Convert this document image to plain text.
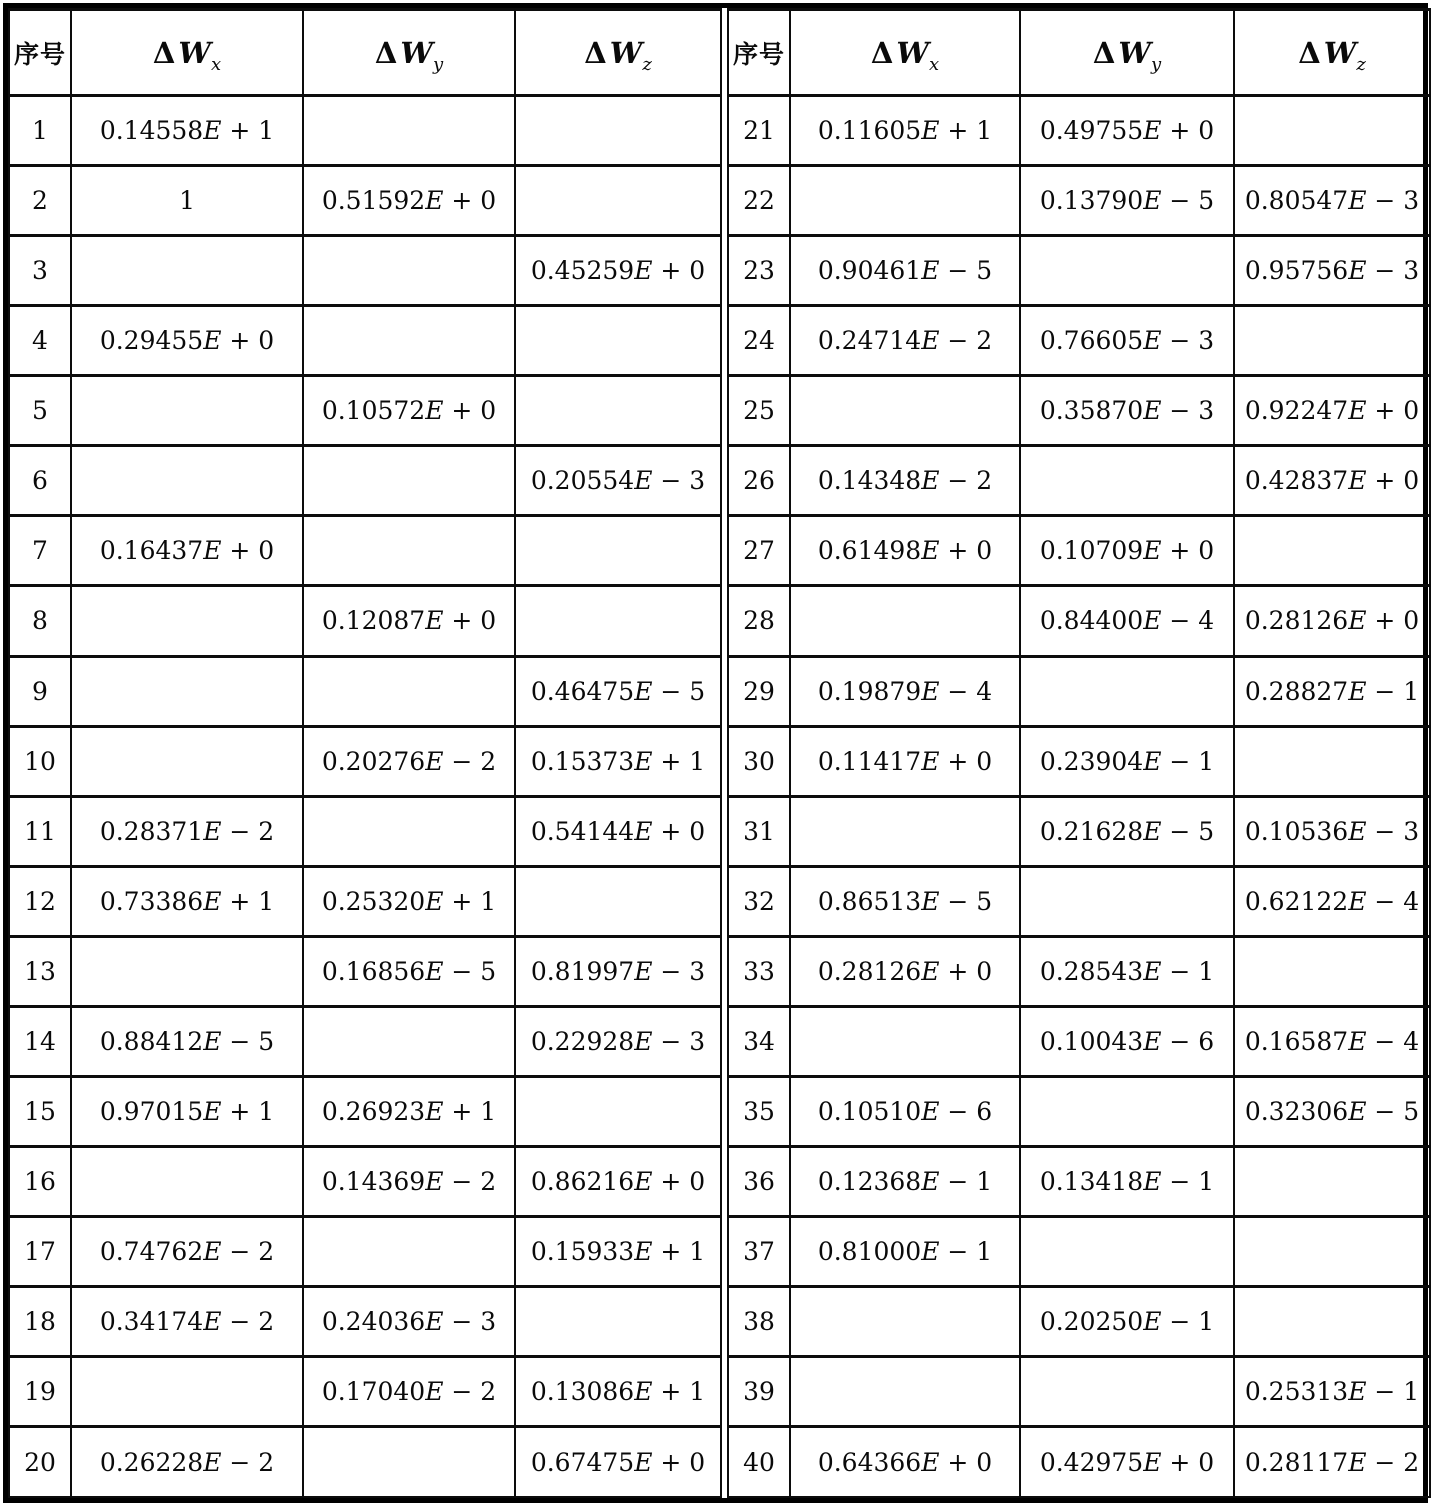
序号	Δ $W_x$	Δ $W_y$	Δ $W_z$
1	0.14558E + 1		
2	1	0.51592E + 0	
3			0.45259E + 0
4	0.29455E + 0		
5		0.10572E + 0	
6			0.20554E − 3
7	0.16437E + 0		
8		0.12087E + 0	
9			0.46475E − 5
10		0.20276E − 2	0.15373E + 1
11	0.28371E − 2		0.54144E + 0
12	0.73386E + 1	0.25320E + 1	
13		0.16856E − 5	0.81997E − 3
14	0.88412E − 5		0.22928E − 3
15	0.97015E + 1	0.26923E + 1	
16		0.14369E − 2	0.86216E + 0
17	0.74762E − 2		0.15933E + 1
18	0.34174E − 2	0.24036E − 3	
19		0.17040E − 2	0.13086E + 1
20	0.26228E − 2		0.67475E + 0
序号	Δ $W_x$	Δ $W_y$	Δ $W_z$
21	0.11605E + 1	0.49755E + 0	
22		0.13790E − 5	0.80547E − 3
23	0.90461E − 5		0.95756E − 3
24	0.24714E − 2	0.76605E − 3	
25		0.35870E − 3	0.92247E + 0
26	0.14348E − 2		0.42837E + 0
27	0.61498E + 0	0.10709E + 0	
28		0.84400E − 4	0.28126E + 0
29	0.19879E − 4		0.28827E − 1
30	0.11417E + 0	0.23904E − 1	
31		0.21628E − 5	0.10536E − 3
32	0.86513E − 5		0.62122E − 4
33	0.28126E + 0	0.28543E − 1	
34		0.10043E − 6	0.16587E − 4
35	0.10510E − 6		0.32306E − 5
36	0.12368E − 1	0.13418E − 1	
37	0.81000E − 1		
38		0.20250E − 1	
39			0.25313E − 1
40	0.64366E + 0	0.42975E + 0	0.28117E − 2
